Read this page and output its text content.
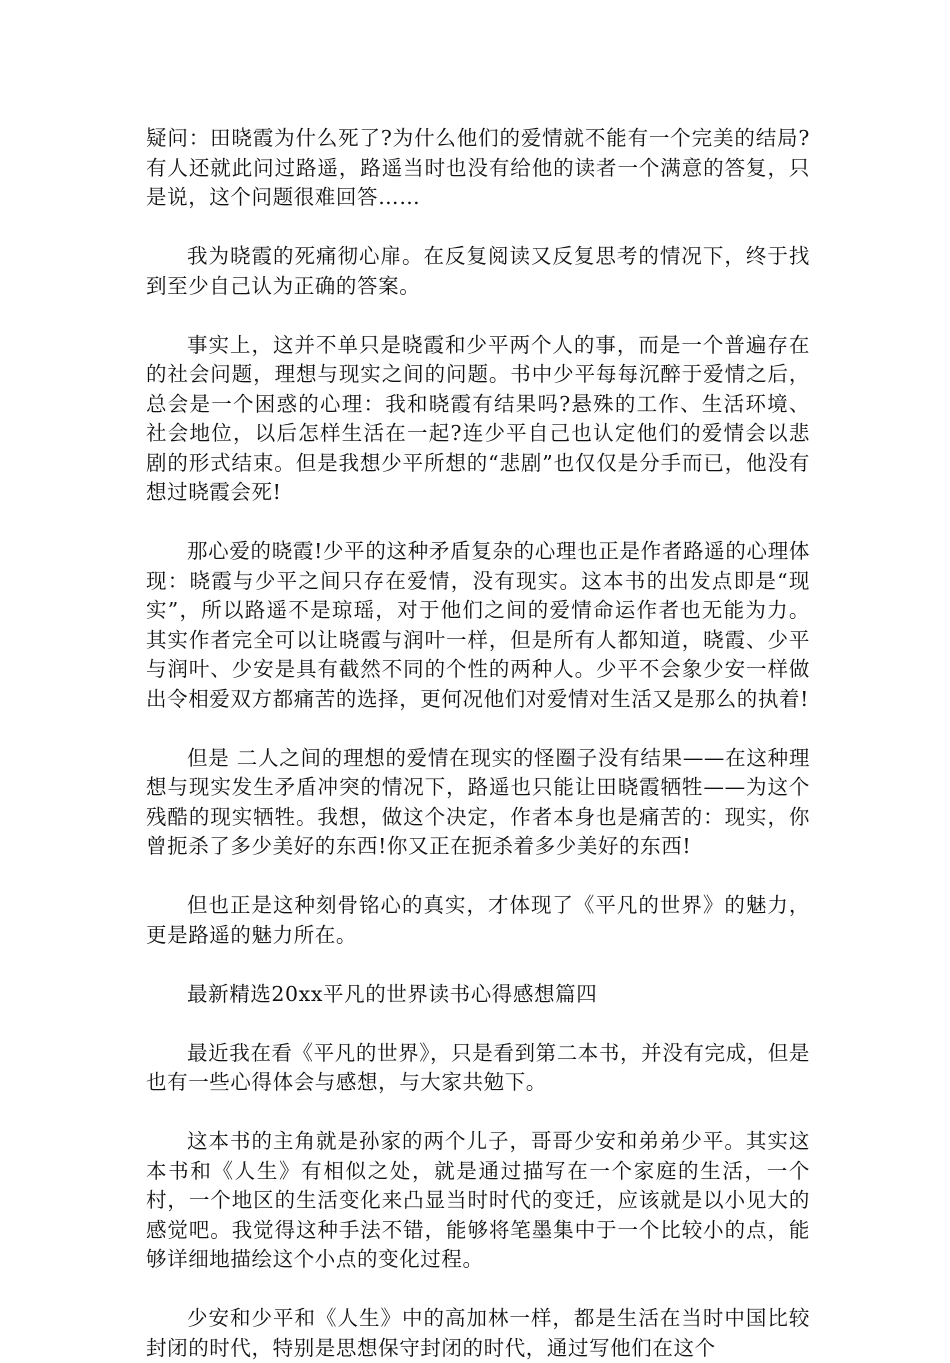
疑问：田晓霞为什么死了?为什么他们的爱情就不能有一个完美的结局?有人还就此问过路遥，路遥当时也没有给他的读者一个满意的答复，只是说，这个问题很难回答……

我为晓霞的死痛彻心扉。在反复阅读又反复思考的情况下，终于找到至少自己认为正确的答案。

事实上，这并不单只是晓霞和少平两个人的事，而是一个普遍存在的社会问题，理想与现实之间的问题。书中少平每每沉醉于爱情之后，总会是一个困惑的心理：我和晓霞有结果吗?悬殊的工作、生活环境、社会地位，以后怎样生活在一起?连少平自己也认定他们的爱情会以悲剧的形式结束。但是我想少平所想的“悲剧”也仅仅是分手而已，他没有想过晓霞会死!

那心爱的晓霞!少平的这种矛盾复杂的心理也正是作者路遥的心理体现：晓霞与少平之间只存在爱情，没有现实。这本书的出发点即是“现实”，所以路遥不是琼瑶，对于他们之间的爱情命运作者也无能为力。其实作者完全可以让晓霞与润叶一样，但是所有人都知道，晓霞、少平与润叶、少安是具有截然不同的个性的两种人。少平不会象少安一样做出令相爱双方都痛苦的选择，更何况他们对爱情对生活又是那么的执着!

但是 二人之间的理想的爱情在现实的怪圈子没有结果——在这种理想与现实发生矛盾冲突的情况下，路遥也只能让田晓霞牺牲——为这个残酷的现实牺牲。我想，做这个决定，作者本身也是痛苦的：现实，你曾扼杀了多少美好的东西!你又正在扼杀着多少美好的东西!

但也正是这种刻骨铭心的真实，才体现了《平凡的世界》的魅力，更是路遥的魅力所在。

最新精选20xx平凡的世界读书心得感想篇四

最近我在看《平凡的世界》，只是看到第二本书，并没有完成，但是也有一些心得体会与感想，与大家共勉下。

这本书的主角就是孙家的两个儿子，哥哥少安和弟弟少平。其实这本书和《人生》有相似之处，就是通过描写在一个家庭的生活，一个村，一个地区的生活变化来凸显当时时代的变迁，应该就是以小见大的感觉吧。我觉得这种手法不错，能够将笔墨集中于一个比较小的点，能够详细地描绘这个小点的变化过程。

少安和少平和《人生》中的高加林一样，都是生活在当时中国比较封闭的时代，特别是思想保守封闭的时代，通过写他们在这个
